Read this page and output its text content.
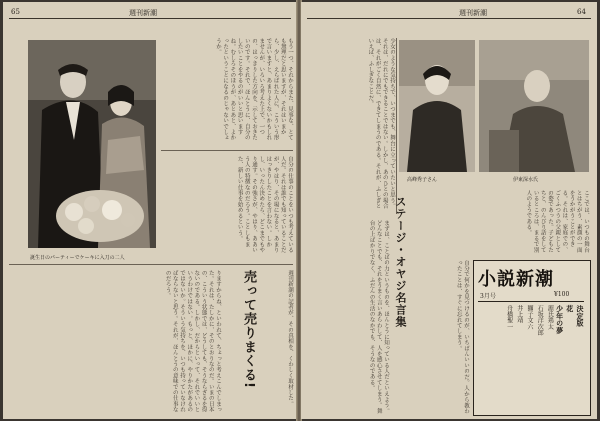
65	週刊新潮
誕生日のパーティーでケーキに入刀の二人
もう一つ、それからまた、見事な、とても無理だと思いますが、それはいまから、少し、えらばれた人に、こういう形で言いますと、あまりよくないかもしれませんが、いろいろ考えた上で、一つの、はっきりした方向を、示しておきたいのです。それで、ほんとうに、自分のしたいことをやるのがいいと思いますね。むしろそのほうが、あとあと、よかったということになるのじゃないでしょうか。
自分の仕事のことをいつも考えている人だ。それは誰でも知っていることだが、やはり、その場になると、あまりはっきりしたことを言わない。しかし、いったん決めたら、どこまでもやり通す。その強さが、やはり、ああいう人の特徴なのだろう。ことしもまた、新しい仕事を始めるという。
りますからね、といわれて、ちょっと考えこんでしまった。それは、たしかに、そのとおりなのだ。いまの日本の、こういう状態では、どうしても、そうならざるを得ないのである。しかし、だからといって、それでいいというわけではない。もっと、ほかに、やりかたがあるのではないか。そういう気持ちを、いつも持っていなければならないと思う。それが、ほんとうの意味での仕事なのだろう。	売って売りまくる!	週刊新潮の記者が、その真相を、くわしく取材した。
週刊新潮	64
少女のような気持ちで、いつまでも、舞台に立っていたいと思う。それは、だれにでもできることではない。しかし、あのひとの場合は、それがごく自然に、できてしまうのである。それが、ふしぎといえば、ふしぎなことだ。
高峰秀子さん	伊東深水氏
ここでは、いつもの舞台とはちがう、素顔の一面をうかがうことができる。それは、家庭での、ごくふつうの父親としての姿であった。子どもたちと、のんびり話をしているところは、まるで別人のようである。
ステージ・オヤジ名言集
まずは、ことばの力というものを、ほんとうに知っている人だといえよう。どんなことでも、それをうまく言いあらわして、人を感心させてしまう。舞台の上ばかりでなく、ふだんの生活のなかでも、そうなのである。	自分で何かを見つけるのが、いちばんいいのだ。人から教わったことは、すぐに忘れてしまう。 小説新潮
3月号	¥100
決定版
花
少年の夢
源氏鶏太
石坂洋次郎
獅子文六
井上靖
舟橋聖一
